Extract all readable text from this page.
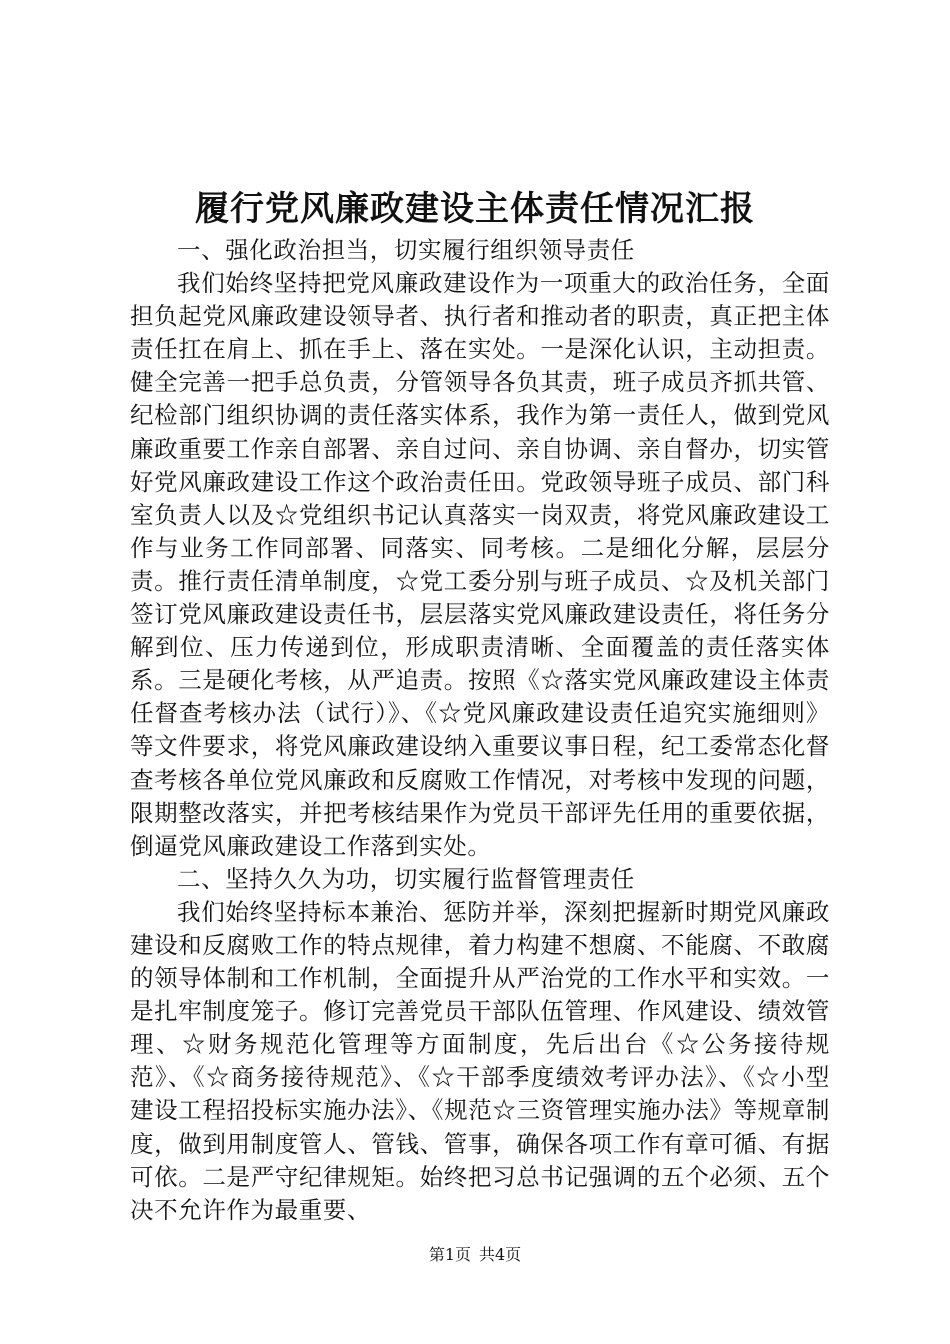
履行党风廉政建设主体责任情况汇报

一、强化政治担当，切实履行组织领导责任

我们始终坚持把党风廉政建设作为一项重大的政治任务，全面担负起党风廉政建设领导者、执行者和推动者的职责，真正把主体责任扛在肩上、抓在手上、落在实处。一是深化认识，主动担责。健全完善一把手总负责，分管领导各负其责，班子成员齐抓共管、纪检部门组织协调的责任落实体系，我作为第一责任人，做到党风廉政重要工作亲自部署、亲自过问、亲自协调、亲自督办，切实管好党风廉政建设工作这个政治责任田。党政领导班子成员、部门科室负责人以及☆党组织书记认真落实一岗双责，将党风廉政建设工作与业务工作同部署、同落实、同考核。二是细化分解，层层分责。推行责任清单制度，☆党工委分别与班子成员、☆及机关部门签订党风廉政建设责任书，层层落实党风廉政建设责任，将任务分解到位、压力传递到位，形成职责清晰、全面覆盖的责任落实体系。三是硬化考核，从严追责。按照《☆落实党风廉政建设主体责任督查考核办法（试行）》、《☆党风廉政建设责任追究实施细则》等文件要求，将党风廉政建设纳入重要议事日程，纪工委常态化督查考核各单位党风廉政和反腐败工作情况，对考核中发现的问题，限期整改落实，并把考核结果作为党员干部评先任用的重要依据，倒逼党风廉政建设工作落到实处。

二、坚持久久为功，切实履行监督管理责任

我们始终坚持标本兼治、惩防并举，深刻把握新时期党风廉政建设和反腐败工作的特点规律，着力构建不想腐、不能腐、不敢腐的领导体制和工作机制，全面提升从严治党的工作水平和实效。一是扎牢制度笼子。修订完善党员干部队伍管理、作风建设、绩效管理、☆财务规范化管理等方面制度，先后出台《☆公务接待规范》、《☆商务接待规范》、《☆干部季度绩效考评办法》、《☆小型建设工程招投标实施办法》、《规范☆三资管理实施办法》等规章制度，做到用制度管人、管钱、管事，确保各项工作有章可循、有据可依。二是严守纪律规矩。始终把习总书记强调的五个必须、五个决不允许作为最重要、

第1页 共4页
